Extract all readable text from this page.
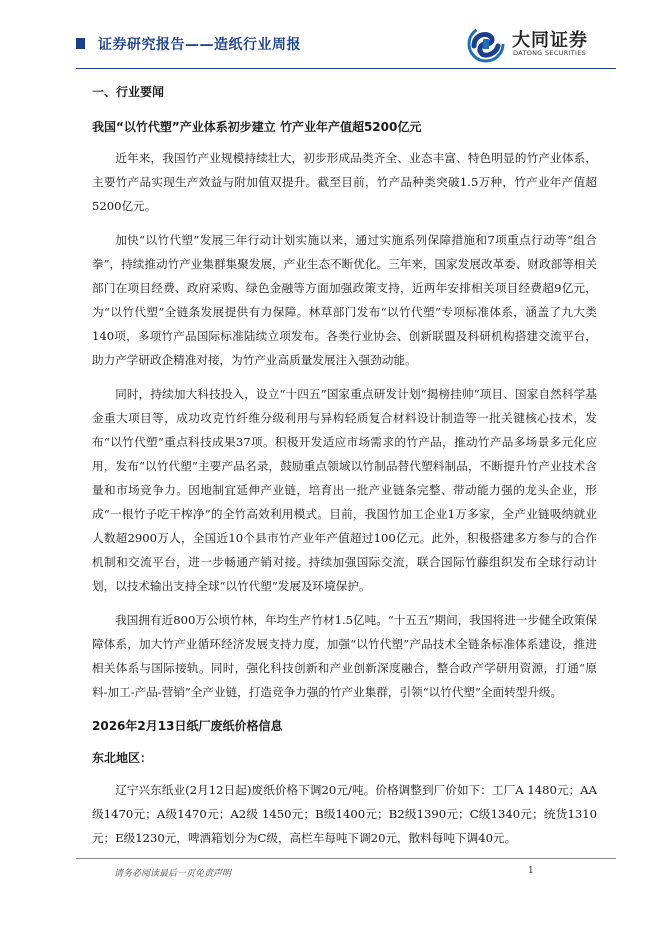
证券研究报告——造纸行业周报	大同证券
DATONG SECURITIES
一、行业要闻
我国“以竹代塑”产业体系初步建立 竹产业年产值超5200亿元

近年来，我国竹产业规模持续壮大，初步形成品类齐全、业态丰富、特色明显的竹产业体系，主要竹产品实现生产效益与附加值双提升。截至目前，竹产品种类突破1.5万种，竹产业年产值超5200亿元。

加快“以竹代塑”发展三年行动计划实施以来，通过实施系列保障措施和7项重点行动等“组合拳”，持续推动竹产业集群集聚发展，产业生态不断优化。三年来，国家发展改革委、财政部等相关部门在项目经费、政府采购、绿色金融等方面加强政策支持，近两年安排相关项目经费超9亿元，为“以竹代塑”全链条发展提供有力保障。林草部门发布“以竹代塑”专项标准体系，涵盖了九大类140项，多项竹产品国际标准陆续立项发布。各类行业协会、创新联盟及科研机构搭建交流平台，助力产学研政企精准对接，为竹产业高质量发展注入强劲动能。

同时，持续加大科技投入，设立“十四五”国家重点研发计划“揭榜挂帅”项目、国家自然科学基金重大项目等，成功攻克竹纤维分级利用与异构轻质复合材料设计制造等一批关键核心技术，发布“以竹代塑”重点科技成果37项。积极开发适应市场需求的竹产品，推动竹产品多场景多元化应用，发布“以竹代塑”主要产品名录，鼓励重点领域以竹制品替代塑料制品，不断提升竹产业技术含量和市场竞争力。因地制宜延伸产业链，培育出一批产业链条完整、带动能力强的龙头企业，形成“一根竹子吃干榨净”的全竹高效利用模式。目前，我国竹加工企业1万多家，全产业链吸纳就业人数超2900万人，全国近10个县市竹产业年产值超过100亿元。此外，积极搭建多方参与的合作机制和交流平台，进一步畅通产销对接。持续加强国际交流，联合国际竹藤组织发布全球行动计划，以技术输出支持全球“以竹代塑”发展及环境保护。

我国拥有近800万公顷竹林，年均生产竹材1.5亿吨。“十五五”期间，我国将进一步健全政策保障体系，加大竹产业循环经济发展支持力度，加强“以竹代塑”产品技术全链条标准体系建设，推进相关体系与国际接轨。同时，强化科技创新和产业创新深度融合，整合政产学研用资源，打通“原料-加工-产品-营销”全产业链，打造竞争力强的竹产业集群，引领“以竹代塑”全面转型升级。

2026年2月13日纸厂废纸价格信息
东北地区：

辽宁兴东纸业(2月12日起)废纸价格下调20元/吨。价格调整到厂价如下：工厂A 1480元；AA级1470元；A级1470元；A2级 1450元；B级1400元；B2级1390元；C级1340元；统货1310元；E级1230元，啤酒箱划分为C级，高栏车每吨下调20元，散料每吨下调40元。

请务必阅读最后一页免责声明	1
